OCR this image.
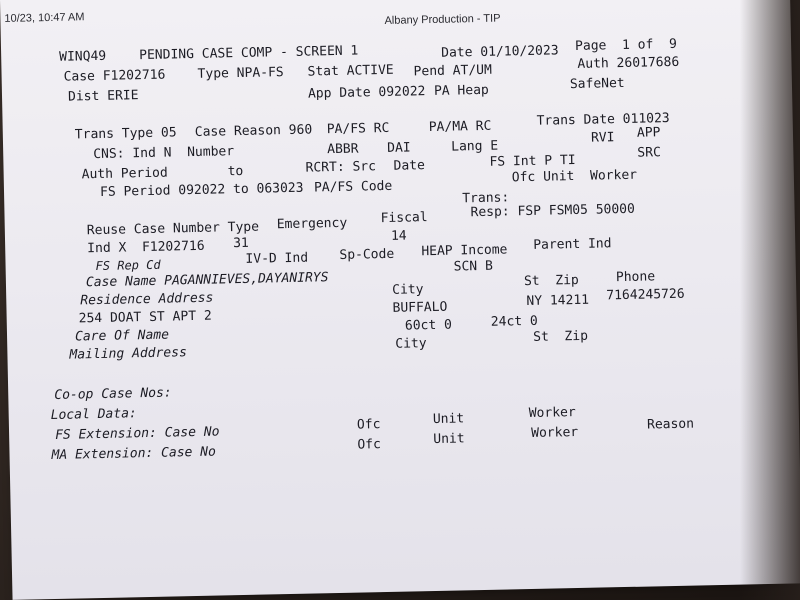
10/23, 10:47 AM	Albany Production - TIP
WINQ49	PENDING CASE COMP - SCREEN 1	Date 01/10/2023 Page  1 of  9
Case F1202716 Type NPA-FS Stat ACTIVE Pend AT/UM	Auth 26017686
Dist ERIE	App Date 092022 PA Heap	SafeNet
Trans Type 05 Case Reason 960 PA/FS RC	PA/MA RC	Trans Date 011023
CNS: Ind N  Number	ABBR DAI	Lang E
RVI APP
Auth Period	to	RCRT: Src Date	FS Int P TI
SRC
Ofc Unit  Worker
FS Period 092022 to 063023 PA/FS Code
Trans:
Reuse Case Number Type Emergency	Fiscal	Resp: FSP FSM05 50000
Ind X  F1202716 31	14
FS Rep Cd	IV-D Ind Sp-Code HEAP Income Parent Ind
SCN B
Case Name PAGANNIEVES,DAYANIRYS
Residence Address
City
St  Zip	Phone
254 DOAT ST APT 2
BUFFALO	NY 14211 7164245726
Care Of Name
60ct 0	24ct 0
Mailing Address
City	St  Zip
Co-op Case Nos:
Local Data:
FS Extension: Case No	Ofc	Unit	Worker
MA Extension: Case No	Ofc	Unit	Worker
Reason
